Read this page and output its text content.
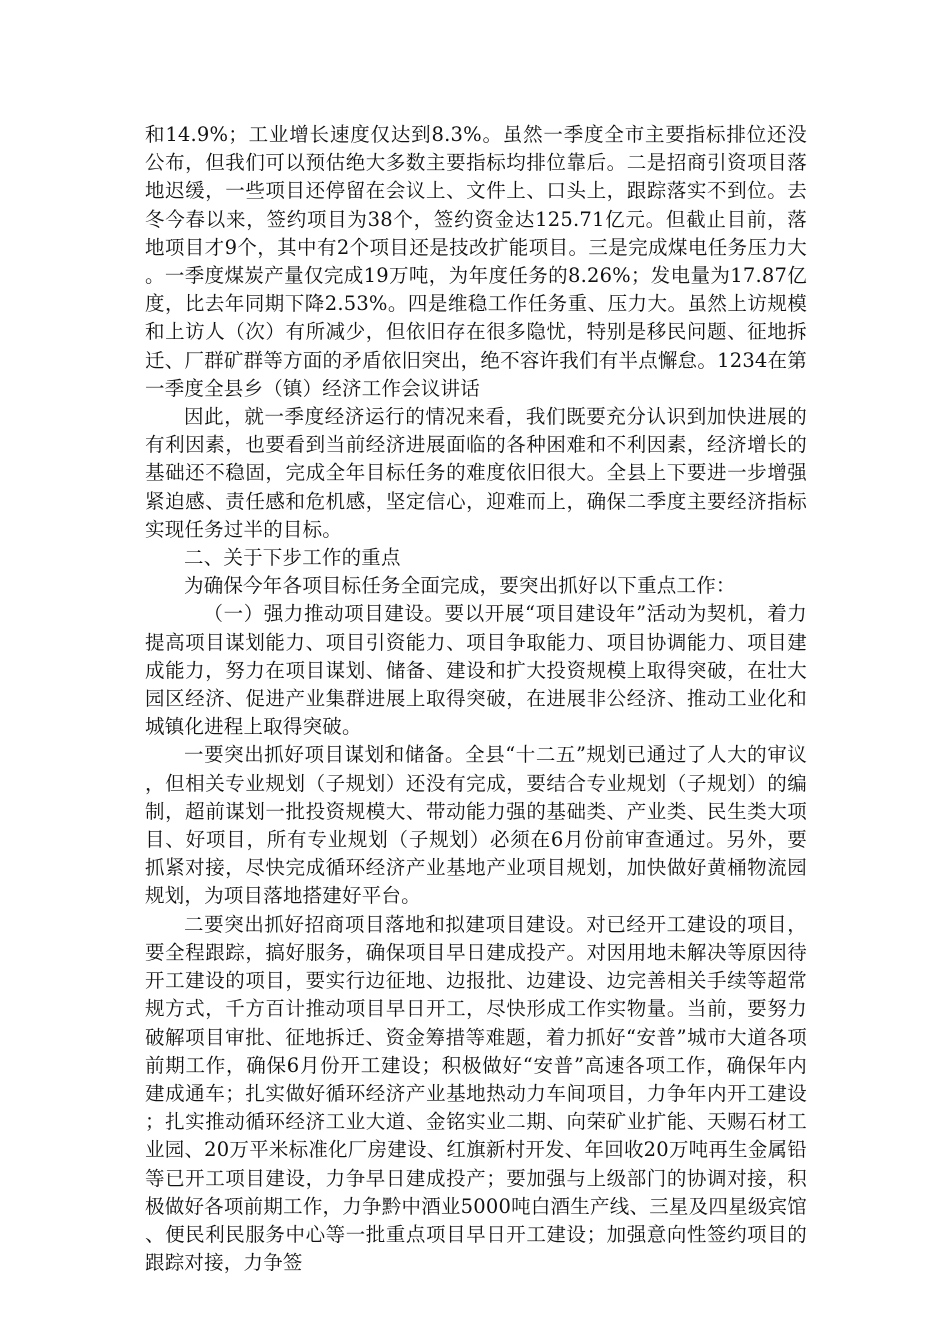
和14.9%；工业增长速度仅达到8.3%。虽然一季度全市主要指标排位还没公布，但我们可以预估绝大多数主要指标均排位靠后。二是招商引资项目落地迟缓，一些项目还停留在会议上、文件上、口头上，跟踪落实不到位。去冬今春以来，签约项目为38个，签约资金达125.71亿元。但截止目前，落地项目才9个，其中有2个项目还是技改扩能项目。三是完成煤电任务压力大。一季度煤炭产量仅完成19万吨，为年度任务的8.26%；发电量为17.87亿度，比去年同期下降2.53%。四是维稳工作任务重、压力大。虽然上访规模和上访人（次）有所减少，但依旧存在很多隐忧，特别是移民问题、征地拆迁、厂群矿群等方面的矛盾依旧突出，绝不容许我们有半点懈怠。1234在第一季度全县乡（镇）经济工作会议讲话

因此，就一季度经济运行的情况来看，我们既要充分认识到加快进展的有利因素，也要看到当前经济进展面临的各种困难和不利因素，经济增长的基础还不稳固，完成全年目标任务的难度依旧很大。全县上下要进一步增强紧迫感、责任感和危机感，坚定信心，迎难而上，确保二季度主要经济指标实现任务过半的目标。

二、关于下步工作的重点

为确保今年各项目标任务全面完成，要突出抓好以下重点工作：

（一）强力推动项目建设。要以开展“项目建设年”活动为契机，着力提高项目谋划能力、项目引资能力、项目争取能力、项目协调能力、项目建成能力，努力在项目谋划、储备、建设和扩大投资规模上取得突破，在壮大园区经济、促进产业集群进展上取得突破，在进展非公经济、推动工业化和城镇化进程上取得突破。

一要突出抓好项目谋划和储备。全县“十二五”规划已通过了人大的审议，但相关专业规划（子规划）还没有完成，要结合专业规划（子规划）的编制，超前谋划一批投资规模大、带动能力强的基础类、产业类、民生类大项目、好项目，所有专业规划（子规划）必须在6月份前审查通过。另外，要抓紧对接，尽快完成循环经济产业基地产业项目规划，加快做好黄桶物流园规划，为项目落地搭建好平台。

二要突出抓好招商项目落地和拟建项目建设。对已经开工建设的项目，要全程跟踪，搞好服务，确保项目早日建成投产。对因用地未解决等原因待开工建设的项目，要实行边征地、边报批、边建设、边完善相关手续等超常规方式，千方百计推动项目早日开工，尽快形成工作实物量。当前，要努力破解项目审批、征地拆迁、资金筹措等难题，着力抓好“安普”城市大道各项前期工作，确保6月份开工建设；积极做好“安普”高速各项工作，确保年内建成通车；扎实做好循环经济产业基地热动力车间项目，力争年内开工建设；扎实推动循环经济工业大道、金铭实业二期、向荣矿业扩能、天赐石材工业园、20万平米标准化厂房建设、红旗新村开发、年回收20万吨再生金属铅等已开工项目建设，力争早日建成投产；要加强与上级部门的协调对接，积极做好各项前期工作，力争黔中酒业5000吨白酒生产线、三星及四星级宾馆、便民利民服务中心等一批重点项目早日开工建设；加强意向性签约项目的跟踪对接，力争签
